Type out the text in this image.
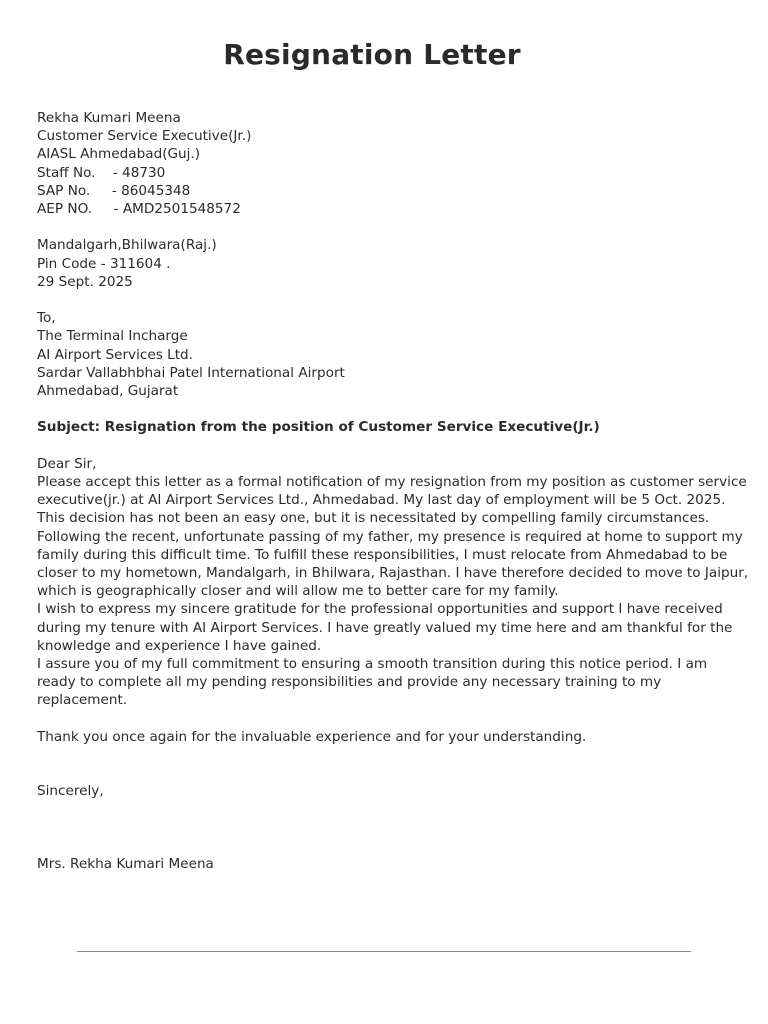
Resignation Letter
Rekha Kumari Meena
Customer Service Executive(Jr.)
AIASL Ahmedabad(Guj.)
Staff No.    - 48730
SAP No.     - 86045348
AEP NO.     - AMD2501548572
Mandalgarh,Bhilwara(Raj.)
Pin Code - 311604 .
29 Sept. 2025
To,
The Terminal Incharge
AI Airport Services Ltd.
Sardar Vallabhbhai Patel International Airport
Ahmedabad, Gujarat
Subject: Resignation from the position of Customer Service Executive(Jr.)
Dear Sir,
Please accept this letter as a formal notification of my resignation from my position as customer service executive(jr.) at AI Airport Services Ltd., Ahmedabad. My last day of employment will be 5 Oct. 2025.
This decision has not been an easy one, but it is necessitated by compelling family circumstances. Following the recent, unfortunate passing of my father, my presence is required at home to support my family during this difficult time. To fulfill these responsibilities, I must relocate from Ahmedabad to be closer to my hometown, Mandalgarh, in Bhilwara, Rajasthan. I have therefore decided to move to Jaipur, which is geographically closer and will allow me to better care for my family.
I wish to express my sincere gratitude for the professional opportunities and support I have received during my tenure with AI Airport Services. I have greatly valued my time here and am thankful for the knowledge and experience I have gained.
I assure you of my full commitment to ensuring a smooth transition during this notice period. I am ready to complete all my pending responsibilities and provide any necessary training to my replacement.
Thank you once again for the invaluable experience and for your understanding.
Sincerely,
Mrs. Rekha Kumari Meena
